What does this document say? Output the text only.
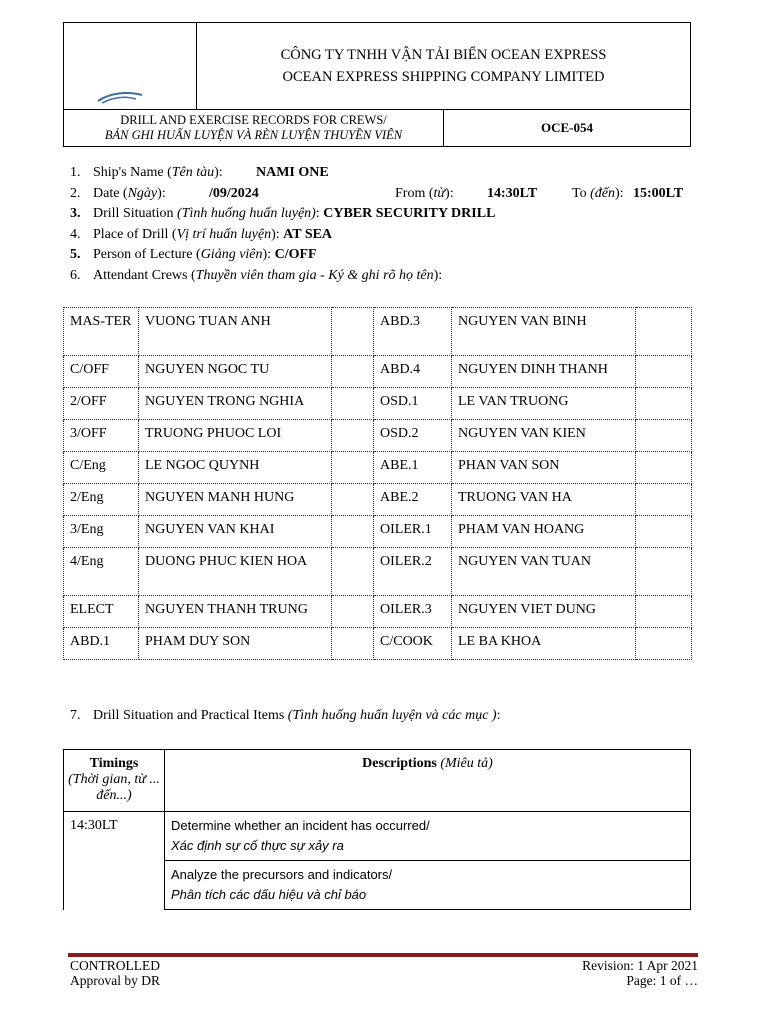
CÔNG TY TNHH VẬN TẢI BIỂN OCEAN EXPRESS
OCEAN EXPRESS SHIPPING COMPANY LIMITED	

DRILL AND EXERCISE RECORDS FOR CREWS/
BẢN GHI HUẤN LUYỆN VÀ RÈN LUYỆN THUYỀN VIÊN		OCE-054
1. Ship's Name (Tên tàu): NAMI ONE
2. Date (Ngày):	/09/2024	From (từ): 14:30LT To (đến): 15:00LT
3. Drill Situation (Tình huống huấn luyện): CYBER SECURITY DRILL
4. Place of Drill (Vị trí huấn luyện): AT SEA
5. Person of Lecture (Giảng viên): C/OFF
6. Attendant Crews (Thuyền viên tham gia - Ký & ghi rõ họ tên):
MAS-TER	VUONG TUAN ANH		ABD.3	NGUYEN VAN BINH	
C/OFF	NGUYEN NGOC TU		ABD.4	NGUYEN DINH THANH	
2/OFF	NGUYEN TRONG NGHIA		OSD.1	LE VAN TRUONG	
3/OFF	TRUONG PHUOC LOI		OSD.2	NGUYEN VAN KIEN	
C/Eng	LE NGOC QUYNH		ABE.1	PHAN VAN SON	
2/Eng	NGUYEN MANH HUNG		ABE.2	TRUONG VAN HA	
3/Eng	NGUYEN VAN KHAI		OILER.1	PHAM VAN HOANG	
4/Eng	DUONG PHUC KIEN HOA		OILER.2	NGUYEN VAN TUAN	
ELECT	NGUYEN THANH TRUNG		OILER.3	NGUYEN VIET DUNG	
ABD.1	PHAM DUY SON		C/COOK	LE BA KHOA	
7. Drill Situation and Practical Items (Tình huống huấn luyện và các mục ):
Timings
(Thời gian, từ ... đến...)	Descriptions (Miêu tả)
14:30LT	Determine whether an incident has occurred/
Xác định sự cố thực sự xảy ra

	Analyze the precursors and indicators/
Phân tích các dấu hiệu và chỉ báo
CONTROLLED
Approval by DR
Revision: 1 Apr 2021
Page: 1 of …
